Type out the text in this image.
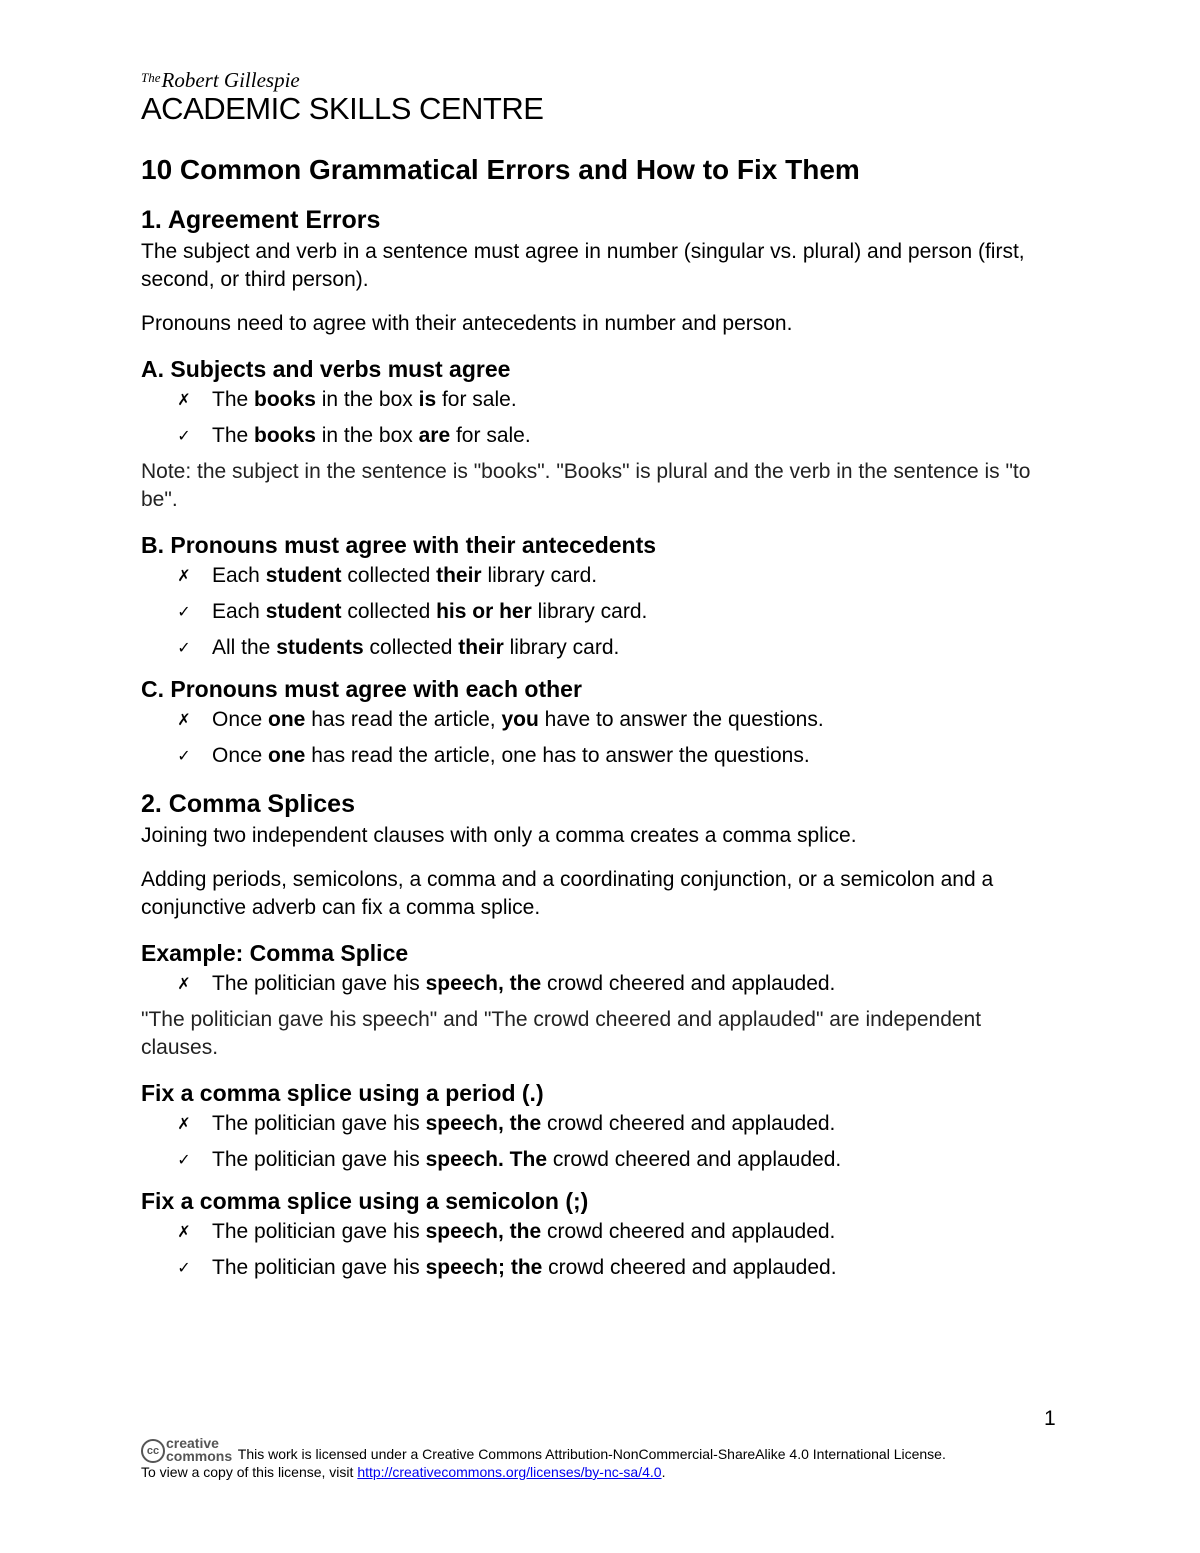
$^{The}$Robert Gillespie
ACADEMIC SKILLS CENTRE
10 Common Grammatical Errors and How to Fix Them
1. Agreement Errors
The subject and verb in a sentence must agree in number (singular vs. plural) and person (first, second, or third person).
Pronouns need to agree with their antecedents in number and person.
A. Subjects and verbs must agree
✗ The books in the box is for sale.
✓ The books in the box are for sale.
Note: the subject in the sentence is "books". "Books" is plural and the verb in the sentence is "to be".
B. Pronouns must agree with their antecedents
✗ Each student collected their library card.
✓ Each student collected his or her library card.
✓ All the students collected their library card.
C. Pronouns must agree with each other
✗ Once one has read the article, you have to answer the questions.
✓ Once one has read the article, one has to answer the questions.
2. Comma Splices
Joining two independent clauses with only a comma creates a comma splice.
Adding periods, semicolons, a comma and a coordinating conjunction, or a semicolon and a conjunctive adverb can fix a comma splice.
Example: Comma Splice
✗ The politician gave his speech, the crowd cheered and applauded.
"The politician gave his speech" and "The crowd cheered and applauded" are independent clauses.
Fix a comma splice using a period (.)
✗ The politician gave his speech, the crowd cheered and applauded.
✓ The politician gave his speech. The crowd cheered and applauded.
Fix a comma splice using a semicolon (;)
✗ The politician gave his speech, the crowd cheered and applauded.
✓ The politician gave his speech; the crowd cheered and applauded.
1
cc creative
commons This work is licensed under a Creative Commons Attribution-NonCommercial-ShareAlike 4.0 International License.
To view a copy of this license, visit http://creativecommons.org/licenses/by-nc-sa/4.0.
